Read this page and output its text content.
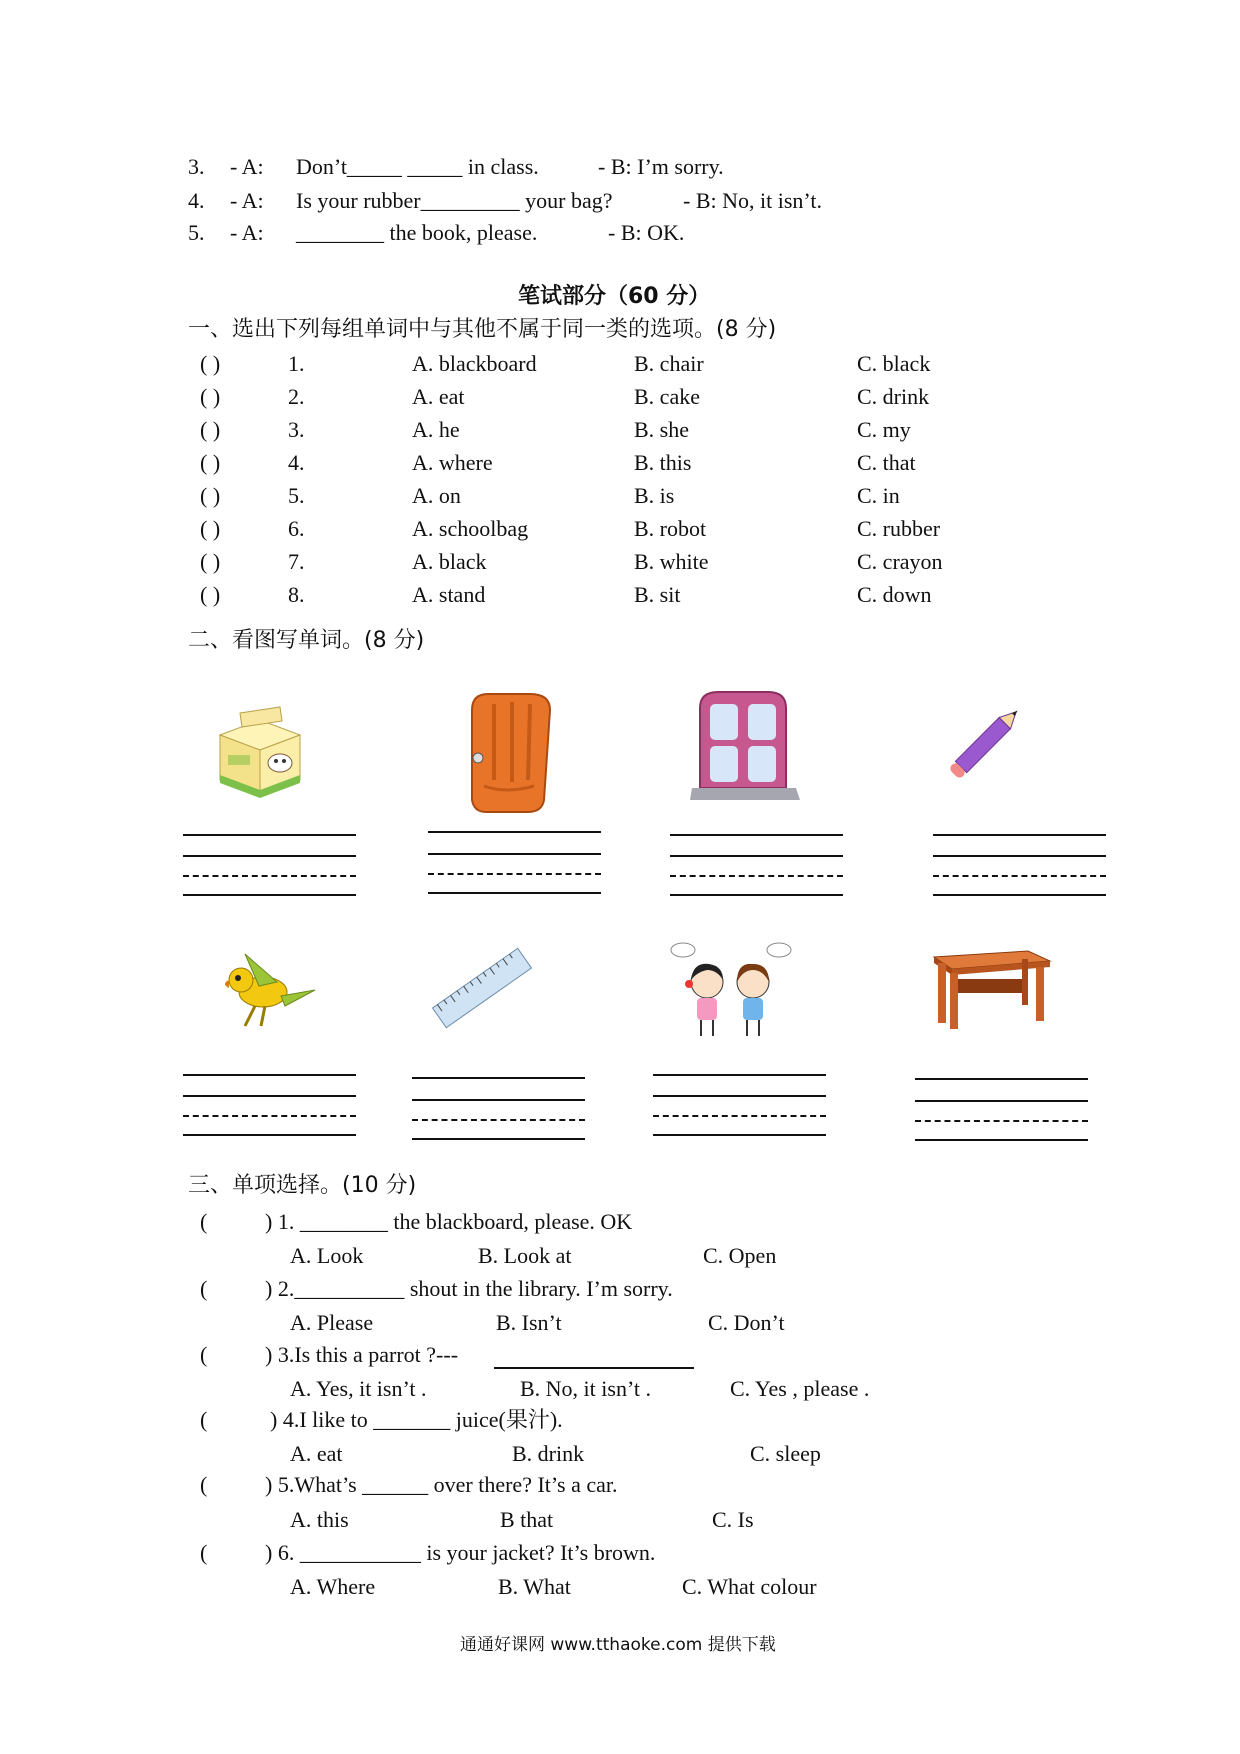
3. - A: Don’t_____ _____ in class.	- B: I’m sorry.
4. - A: Is your rubber_________ your bag?	- B: No, it isn’t.
5. - A: ________ the book, please.	- B: OK.
笔试部分（60 分）
一、选出下列每组单词中与其他不属于同一类的选项。(8 分)
( )	1.	A. blackboard	B. chair	C. black
( )	2.	A. eat	B. cake	C. drink
( )	3.	A. he	B. she	C. my
( )	4.	A. where	B. this	C. that
( )	5.	A. on	B. is	C. in
( )	6.	A. schoolbag	B. robot	C. rubber
( )	7.	A. black	B. white	C. crayon
( )	8.	A. stand	B. sit	C. down
二、看图写单词。(8 分)
三、单项选择。(10 分)
(	) 1. ________ the blackboard, please. OK
A. Look	B. Look at	C. Open
(	) 2.__________ shout in the library. I’m sorry.
A. Please	B. Isn’t	C. Don’t
(	) 3.Is this a parrot ?---
A. Yes, it isn’t .	B. No, it isn’t .	C. Yes , please .
(	) 4.I like to _______ juice(果汁).
A. eat	B. drink	C. sleep
(	) 5.What’s ______ over there? It’s a car.
A. this	B that	C. Is
(	) 6. ___________ is your jacket? It’s brown.
A. Where	B. What	C. What colour
通通好课网 www.tthaoke.com 提供下载
